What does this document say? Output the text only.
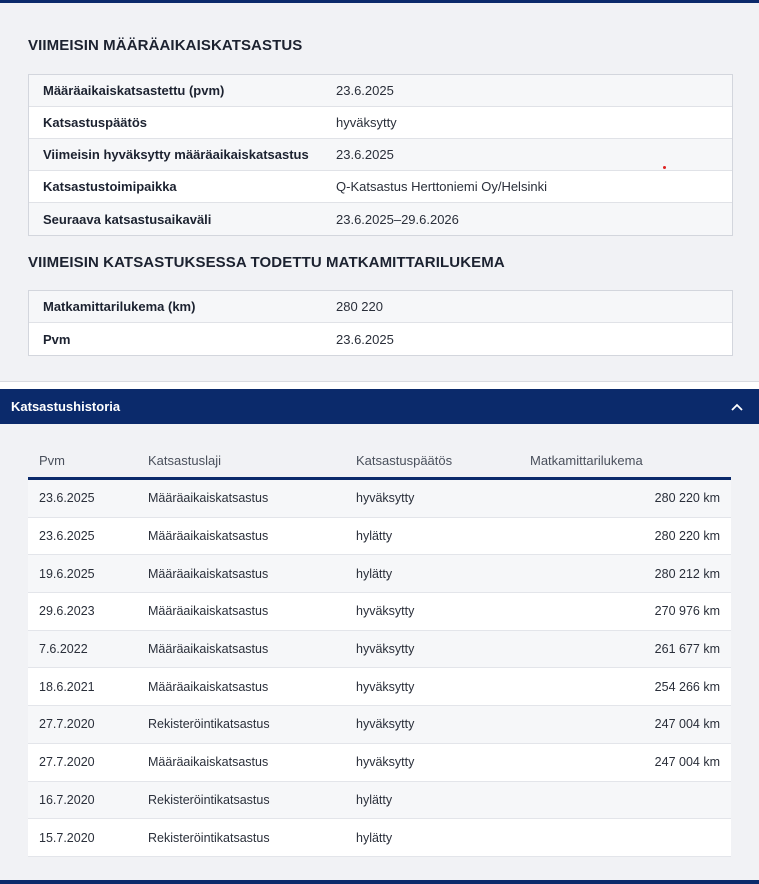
VIIMEISIN MÄÄRÄAIKAISKATSASTUS
Määräaikaiskatsastettu (pvm)	23.6.2025
Katsastuspäätös	hyväksytty
Viimeisin hyväksytty määräaikaiskatsastus	23.6.2025
Katsastustoimipaikka	Q-Katsastus Herttoniemi Oy/Helsinki
Seuraava katsastusaikaväli	23.6.2025–29.6.2026
VIIMEISIN KATSASTUKSESSA TODETTU MATKAMITTARILUKEMA
Matkamittarilukema (km)	280 220
Pvm	23.6.2025
Katsastushistoria
Pvm	Katsastuslaji	Katsastuspäätös	Matkamittarilukema
23.6.2025	Määräaikaiskatsastus	hyväksytty	280 220 km
23.6.2025	Määräaikaiskatsastus	hylätty	280 220 km
19.6.2025	Määräaikaiskatsastus	hylätty	280 212 km
29.6.2023	Määräaikaiskatsastus	hyväksytty	270 976 km
7.6.2022	Määräaikaiskatsastus	hyväksytty	261 677 km
18.6.2021	Määräaikaiskatsastus	hyväksytty	254 266 km
27.7.2020	Rekisteröintikatsastus	hyväksytty	247 004 km
27.7.2020	Määräaikaiskatsastus	hyväksytty	247 004 km
16.7.2020	Rekisteröintikatsastus	hylätty
15.7.2020	Rekisteröintikatsastus	hylätty
